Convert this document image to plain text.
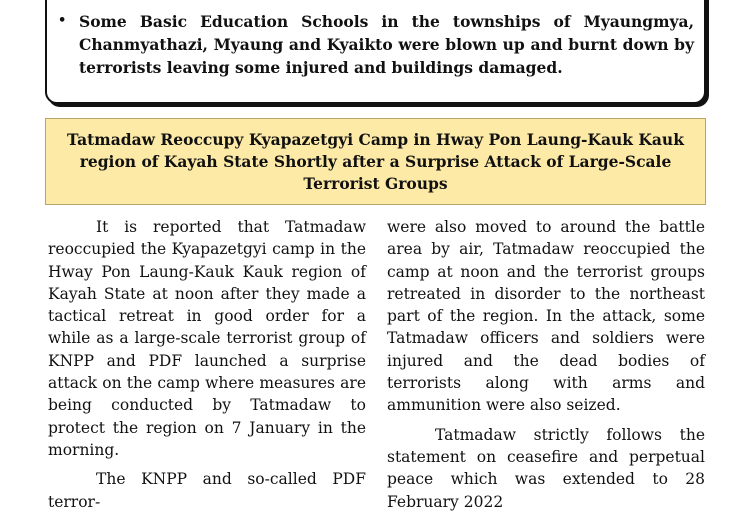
• Some Basic Education Schools in the townships of Myaungmya, Chanmyathazi, Myaung and Kyaikto were blown up and burnt down by terrorists leaving some injured and buildings damaged.
Tatmadaw Reoccupy Kyapazetgyi Camp in Hway Pon Laung-Kauk Kauk region of Kayah State Shortly after a Surprise Attack of Large-Scale Terrorist Groups

It is reported that Tatmadaw reoccupied the Kyapazetgyi camp in the Hway Pon Laung-Kauk Kauk region of Kayah State at noon after they made a tactical retreat in good order for a while as a large-scale terrorist group of KNPP and PDF launched a surprise attack on the camp where measures are being conducted by Tatmadaw to protect the region on 7 January in the morning.

The KNPP and so-called PDF terror-

were also moved to around the battle area by air, Tatmadaw reoccupied the camp at noon and the terrorist groups retreated in disorder to the northeast part of the region. In the attack, some Tatmadaw officers and soldiers were injured and the dead bodies of terrorists along with arms and ammunition were also seized.

Tatmadaw strictly follows the statement on ceasefire and perpetual peace which was extended to 28 February 2022
